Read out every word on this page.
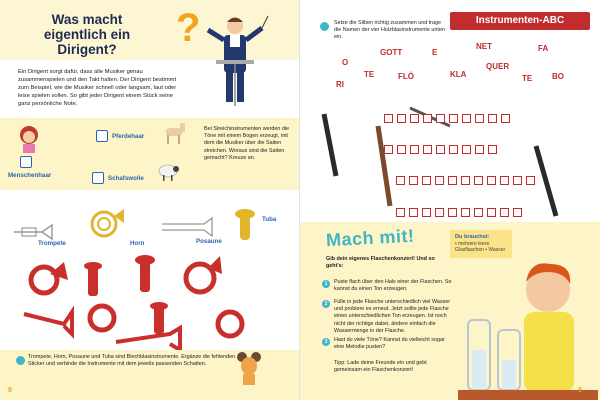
Was macht eigentlich ein Dirigent?	?
Ein Dirigent sorgt dafür, dass alle Musiker genau zusammenspielen und den Takt halten. Der Dirigent bestimmt zum Beispiel, wie die Musiker schnell oder langsam, laut oder leise spielen sollen. So gibt jeder Dirigent einem Stück seine ganz persönliche Note.
Menschenhaar
Pferdehaar
Schafswolle
Bei Streichinstrumenten werden die Töne mit einem Bogen erzeugt, mit dem die Musiker über die Saiten streichen. Woraus sind die Saiten gemacht? Kreuze an.
Trompete	Horn	Posaune
Tuba
Trompete, Horn, Posaune und Tuba sind Blechblasinstrumente. Ergänze die fehlenden Sticker und verbinde die Instrumente mit dem jeweils passenden Schatten.
8
Setze die Silben richtig zusammen und trage die Namen der vier Holzblasinstrumente unten ein.
Instrumenten-ABC
GOTT	E
NET	FA
O
TE	FLÖ	KLA
QUER
RI
TE BO
Mach mit!	Du brauchst:
• mehrere leere Glasflaschen • Wasser
Gib dein eigenes Flaschenkonzert! Und so geht's:
1	Puste flach über den Hals einer der Flaschen. So kannst du einen Ton erzeugen.
2	Fülle in jede Flasche unterschiedlich viel Wasser und probiere es erneut. Jetzt sollte jede Flasche einen unterschiedlichen Ton erzeugen. Ist noch nicht der richtige dabei, ändere einfach die Wassermenge in der Flasche.
3	Hast du viele Töne? Kannst du vielleicht sogar eine Melodie pusten?
Tipp: Lade deine Freunde ein und gebt gemeinsam ein Flaschenkonzert!
9
